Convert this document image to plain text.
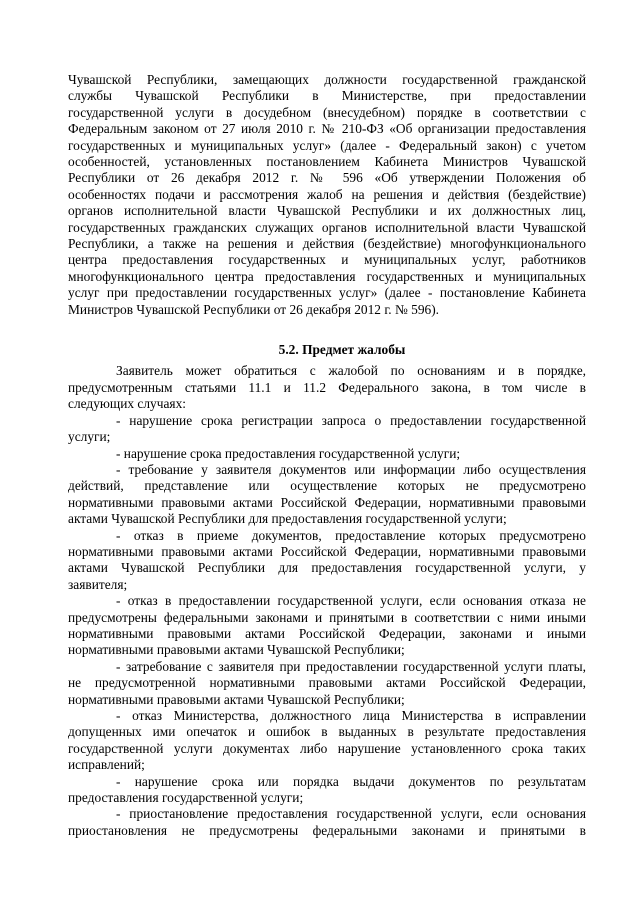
Чувашской Республики, замещающих должности государственной гражданской
службы Чувашской Республики в Министерстве, при предоставлении
государственной услуги в досудебном (внесудебном) порядке в соответствии с
Федеральным законом от 27 июля 2010 г. № 210-ФЗ «Об организации предоставления
государственных и муниципальных услуг» (далее - Федеральный закон) с учетом
особенностей, установленных постановлением Кабинета Министров Чувашской
Республики от 26 декабря 2012 г. № 596 «Об утверждении Положения об
особенностях подачи и рассмотрения жалоб на решения и действия (бездействие)
органов исполнительной власти Чувашской Республики и их должностных лиц,
государственных гражданских служащих органов исполнительной власти Чувашской
Республики, а также на решения и действия (бездействие) многофункционального
центра предоставления государственных и муниципальных услуг, работников
многофункционального центра предоставления государственных и муниципальных
услуг при предоставлении государственных услуг» (далее - постановление Кабинета
Министров Чувашской Республики от 26 декабря 2012 г. № 596).
5.2. Предмет жалобы
Заявитель может обратиться с жалобой по основаниям и в порядке,
предусмотренным статьями 11.1 и 11.2 Федерального закона, в том числе в
следующих случаях:
- нарушение срока регистрации запроса о предоставлении государственной
услуги;
- нарушение срока предоставления государственной услуги;
- требование у заявителя документов или информации либо осуществления
действий, представление или осуществление которых не предусмотрено
нормативными правовыми актами Российской Федерации, нормативными правовыми
актами Чувашской Республики для предоставления государственной услуги;
- отказ в приеме документов, предоставление которых предусмотрено
нормативными правовыми актами Российской Федерации, нормативными правовыми
актами Чувашской Республики для предоставления государственной услуги, у
заявителя;
- отказ в предоставлении государственной услуги, если основания отказа не
предусмотрены федеральными законами и принятыми в соответствии с ними иными
нормативными правовыми актами Российской Федерации, законами и иными
нормативными правовыми актами Чувашской Республики;
- затребование с заявителя при предоставлении государственной услуги платы,
не предусмотренной нормативными правовыми актами Российской Федерации,
нормативными правовыми актами Чувашской Республики;
- отказ Министерства, должностного лица Министерства в исправлении
допущенных ими опечаток и ошибок в выданных в результате предоставления
государственной услуги документах либо нарушение установленного срока таких
исправлений;
- нарушение срока или порядка выдачи документов по результатам
предоставления государственной услуги;
- приостановление предоставления государственной услуги, если основания
приостановления не предусмотрены федеральными законами и принятыми в
